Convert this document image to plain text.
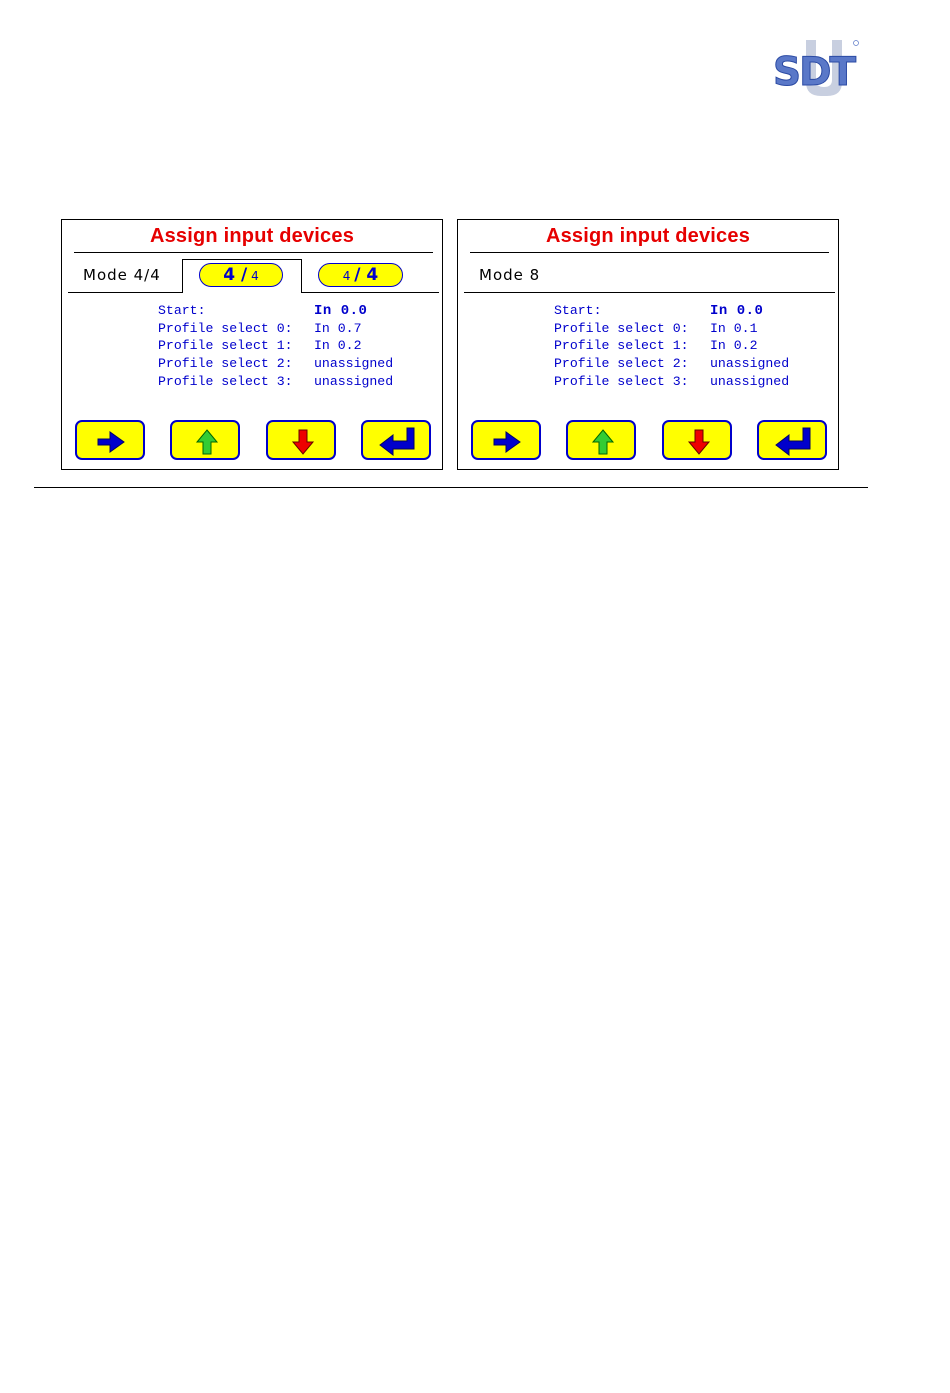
SDT
Assign input devices
Mode 4/4	4 / 4	4 / 4
Start:	In 0.0
Profile select 0: In 0.7
Profile select 1: In 0.2
Profile select 2: unassigned
Profile select 3: unassigned
Assign input devices
Mode 8
Start:	In 0.0
Profile select 0: In 0.1
Profile select 1: In 0.2
Profile select 2: unassigned
Profile select 3: unassigned
